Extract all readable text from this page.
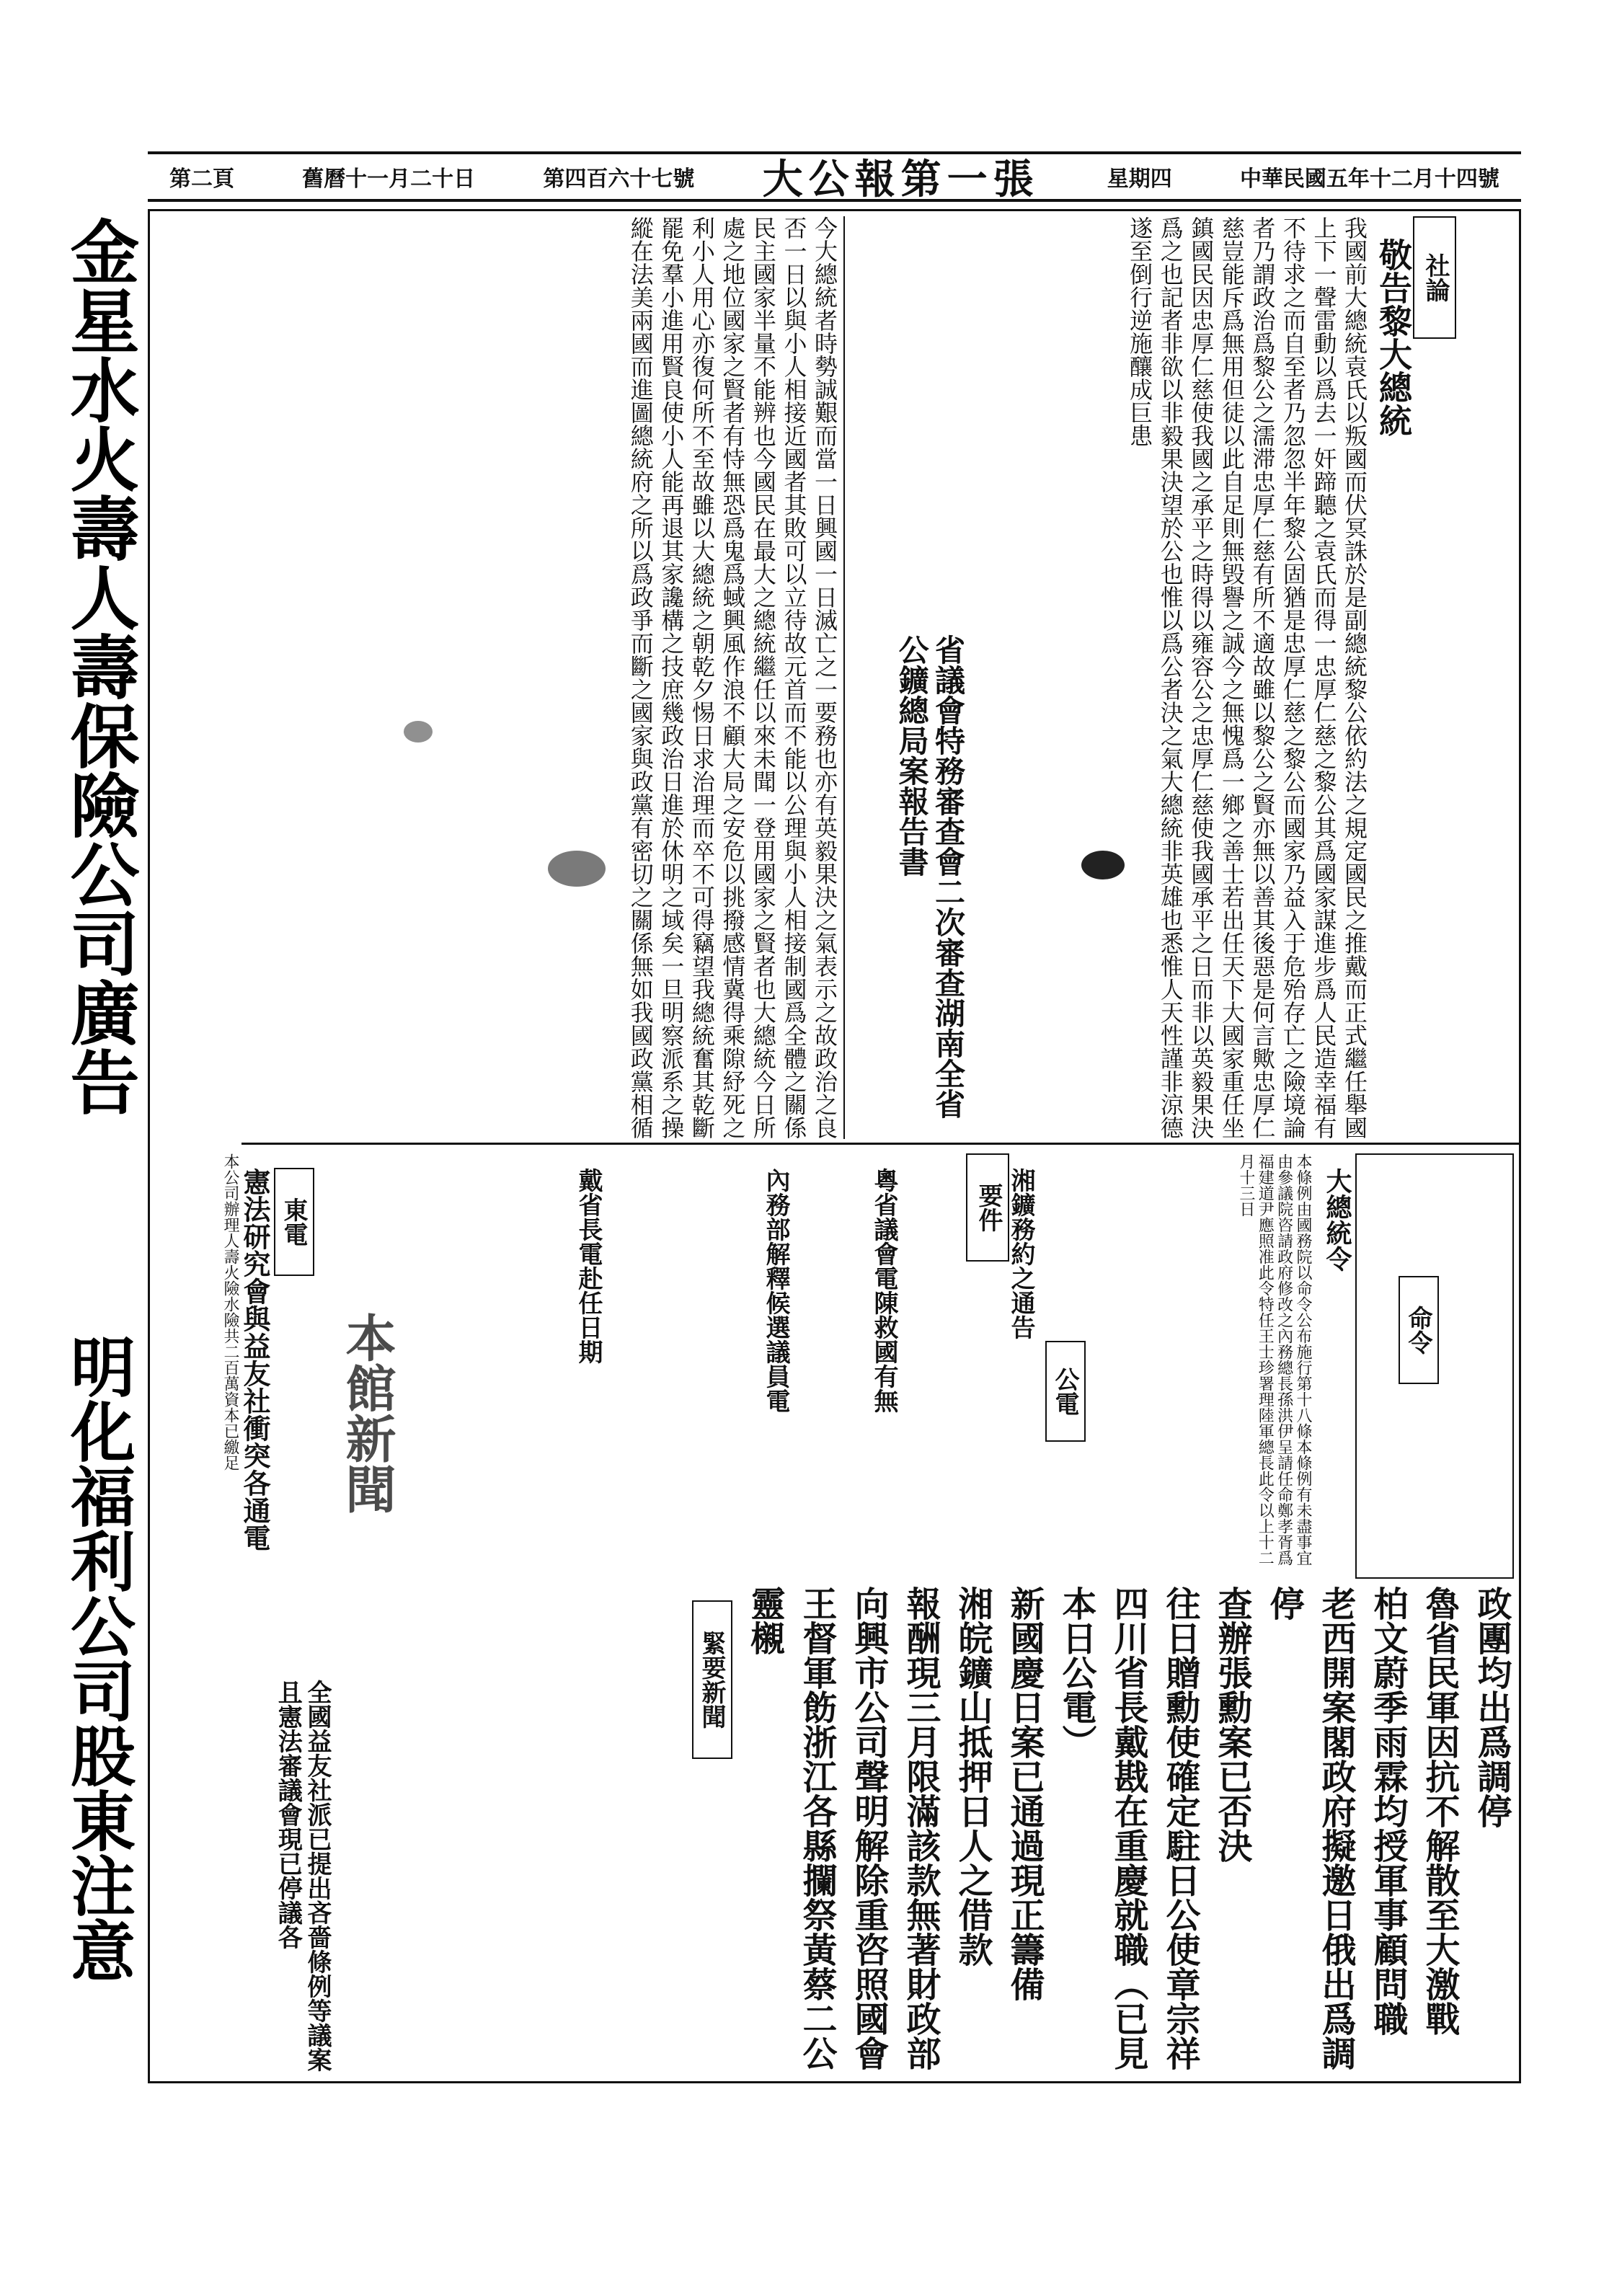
第二頁	舊曆十一月二十日	第四百六十七號 大公報第一張	星期四	中華民國五年十二月十四號
金星水火壽人壽保險公司廣告
明化福利公司股東注意
本公司辦理人壽火險水險共二百萬資本已繳足
社論
敬告黎大總統
我國前大總統袁氏以叛國而伏冥誅於是副總統黎公依約法之規定國民之推戴而正式繼任舉國上下一聲雷動以爲去一奸蹄聽之袁氏而得一忠厚仁慈之黎公其爲國家謀進步爲人民造幸福有不待求之而自至者乃忽忽半年黎公固猶是忠厚仁慈之黎公而國家乃益入于危殆存亡之險境論者乃謂政治爲黎公之濡滞忠厚仁慈有所不適故雖以黎公之賢亦無以善其後惡是何言歟忠厚仁慈豈能斥爲無用但徒以此自足則無毁譽之誠今之無愧爲一鄉之善士若出任天下大國家重任坐鎮國民因忠厚仁慈使我國之承平之時得以雍容公之忠厚仁慈使我國承平之日而非以英毅果決爲之也記者非欲以非毅果決望於公也惟以爲公者決之氣大總統非英雄也悉惟人天性謹非涼德遂至倒行逆施釀成巨患
今大總統者時勢誠艱而當一日興國一日滅亡之一要務也亦有英毅果決之氣表示之故政治之良否一日以與小人相接近國者其敗可以立待故元首而不能以公理與小人相接制國爲全體之關係民主國家半量不能辨也今國民在最大之總統繼任以來未聞一登用國家之賢者也大總統今日所處之地位國家之賢者有恃無恐爲鬼爲蜮興風作浪不顧大局之安危以挑撥感情冀得乘隙紓死之利小人用心亦復何所不至故雖以大總統之朝乾夕惕日求治理而卒不可得竊望我總統奮其乾斷罷免羣小進用賢良使小人能再退其家讒構之技庶幾政治日進於休明之域矣一旦明察派系之操縱在法美兩國而進圖總統府之所以爲政爭而斷之國家與政黨有密切之關係無如我國政黨相循
要件
命令
大總統令
本條例由國務院以命令公布施行第十八條本條例有未盡事宜由參議院咨請政府修改之內務總長孫洪伊呈請任命鄭孝胥爲福建道尹應照准此令特任王士珍署理陸軍總長此令以上十二月十三日
緊要新聞	政團均出爲調停
魯省民軍因抗不解散至大激戰
柏文蔚季雨霖均授軍事顧問職
老西開案閣政府擬邀日俄出爲調停
查辦張勳案已否決
往日贈勳使確定駐日公使章宗祥
四川省長戴戡在重慶就職（已見本日公電）
新國慶日案已通過現正籌備
湘皖鑛山抵押日人之借款
報酬現三月限滿該款無著財政部
向興市公司聲明解除重咨照國會
王督軍飭浙江各縣攔祭黃蔡二公靈櫬
公電
湘鑛務約之通告
粵省議會電陳救國有無
內務部解釋候選議員電
戴省長電赴任日期
省議會特務審查會二次審查湖南全省公鑛總局案報告書
東電
憲法研究會與益友社衝突各通電
全國益友社派已提出吝嗇條例等議案且憲法審議會現已停議各
本館新聞
